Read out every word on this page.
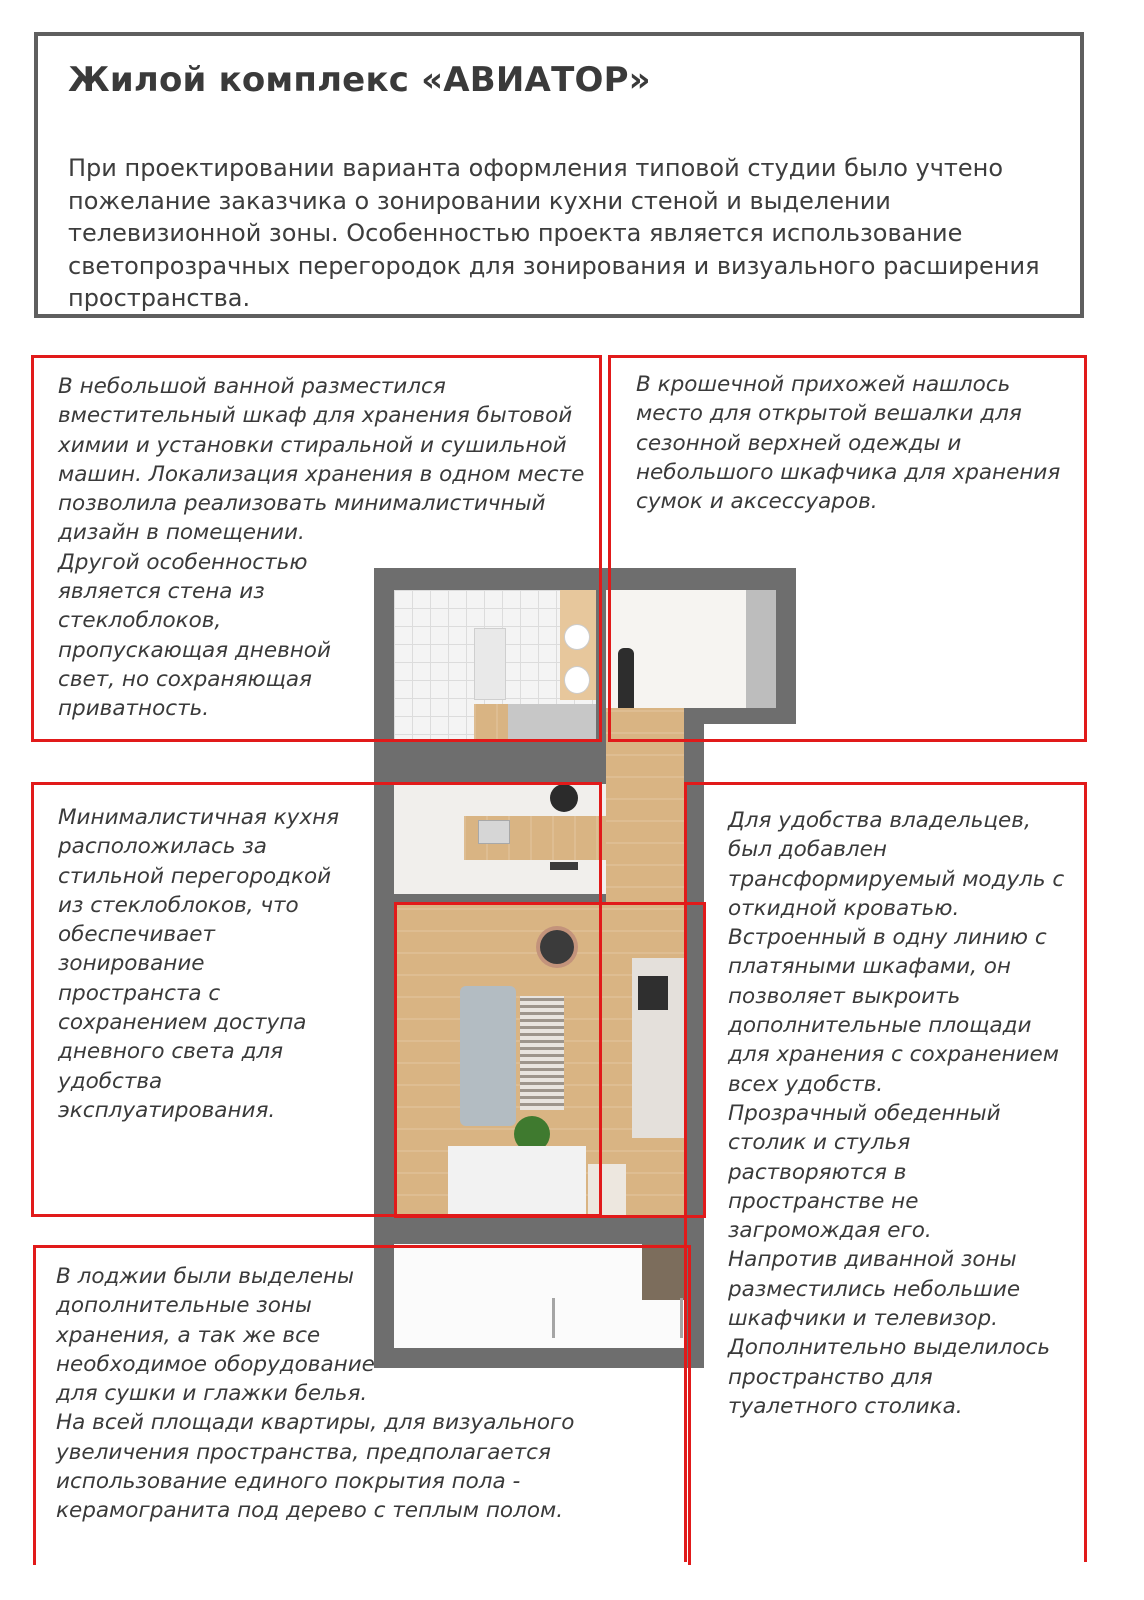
Жилой комплекс «АВИАТОР»

При проектировании варианта оформления типовой студии было учтено пожелание заказчика о зонировании кухни стеной и выделении телевизионной зоны. Особенностью проекта является использование светопрозрачных перегородок для зонирования и визуального расширения пространства.

В небольшой ванной разместился
вместительный шкаф для хранения бытовой
химии и установки стиральной и сушильной
машин. Локализация хранения в одном месте
позволила реализовать минималистичный
дизайн в помещении.
Другой особенностью
является стена из
стеклоблоков,
пропускающая дневной
свет, но сохраняющая
приватность.

В крошечной прихожей нашлось
место для открытой вешалки для
сезонной верхней одежды и
небольшого шкафчика для хранения
сумок и аксессуаров.

Минималистичная кухня
расположилась за
стильной перегородкой
из стеклоблоков, что
обеспечивает
зонирование
пространста с
сохранением доступа
дневного света для
удобства
эксплуатирования.

Для удобства владельцев,
был добавлен
трансформируемый модуль с
откидной кроватью.
Встроенный в одну линию с
платяными шкафами, он
позволяет выкроить
дополнительные площади
для хранения с сохранением
всех удобств.
Прозрачный обеденный
столик и стулья
растворяются в
пространстве не
загромождая его.
Напротив диванной зоны
разместились небольшие
шкафчики и телевизор.
Дополнительно выделилось
пространство для
туалетного столика.

В лоджии были выделены
дополнительные зоны
хранения, а так же все
необходимое оборудование
для сушки и глажки белья.
На всей площади квартиры, для визуального
увеличения пространства, предполагается
использование единого покрытия пола -
керамогранита под дерево с теплым полом.
